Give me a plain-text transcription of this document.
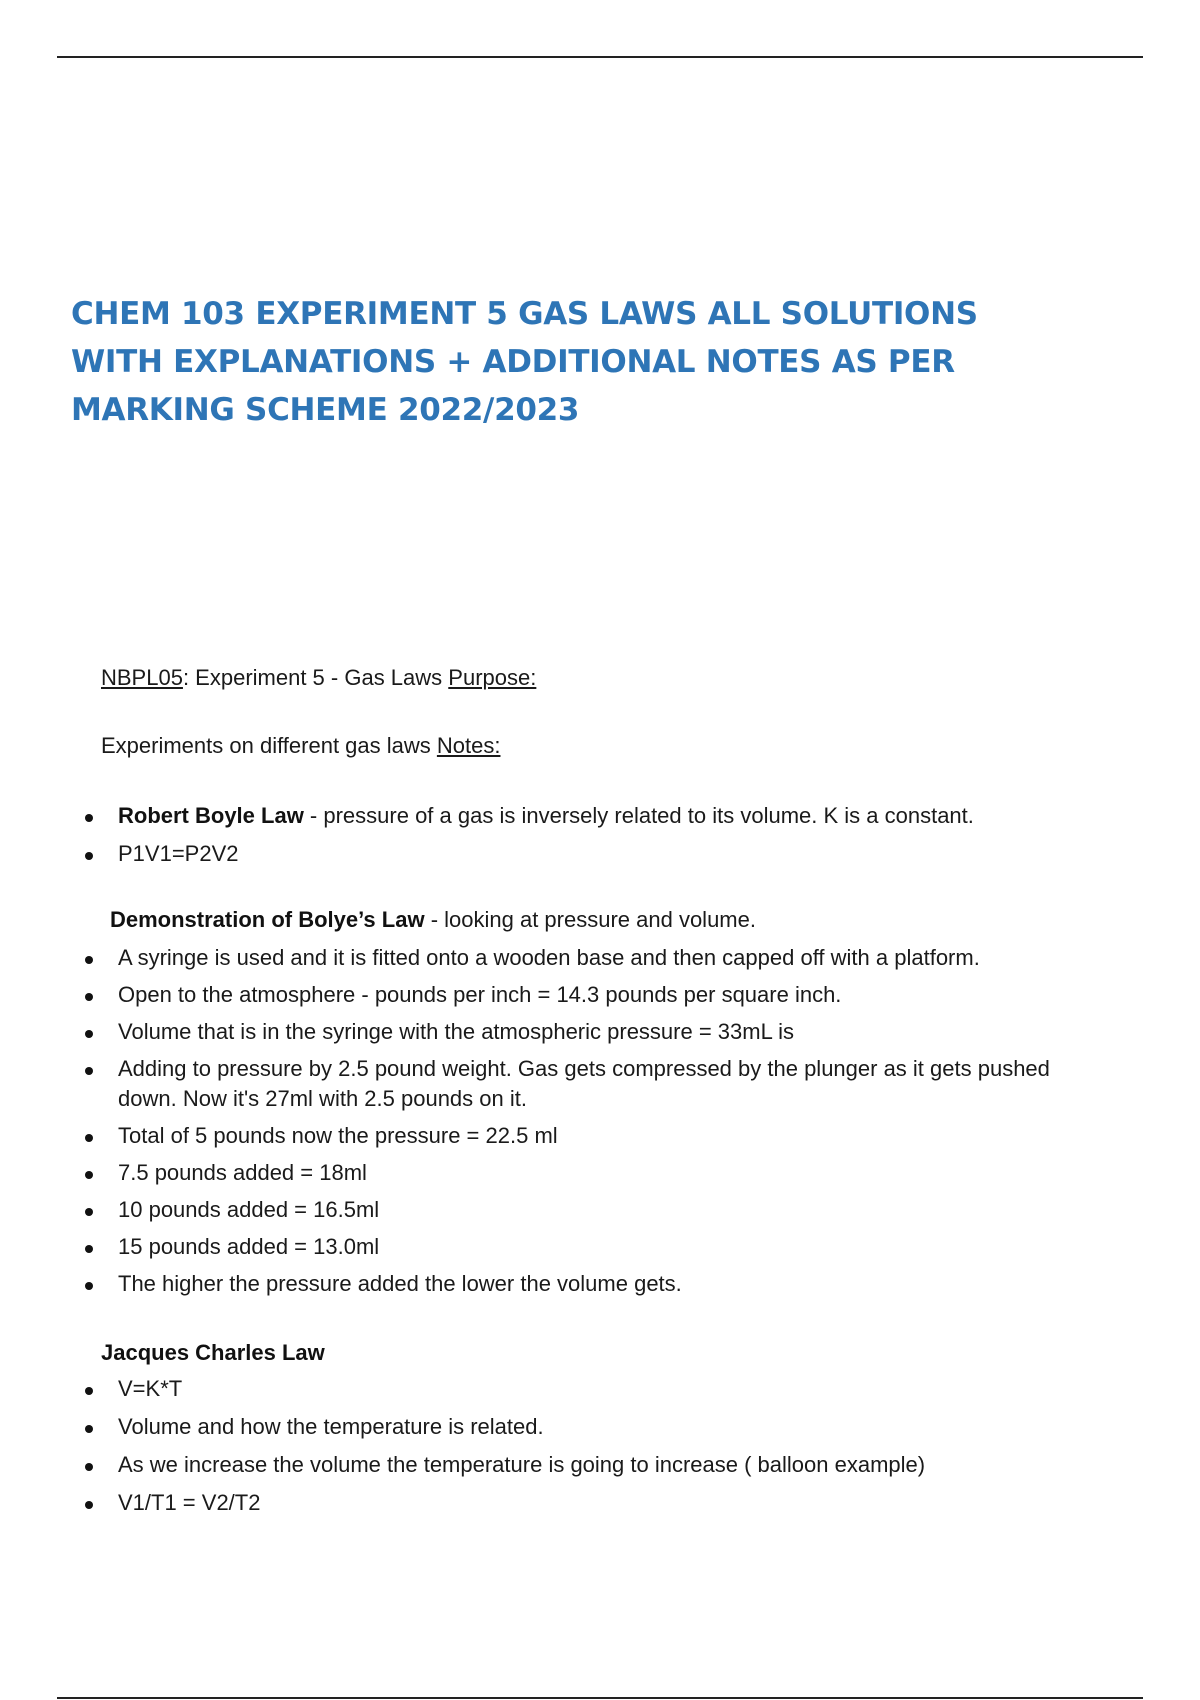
CHEM 103 EXPERIMENT 5 GAS LAWS ALL SOLUTIONS WITH EXPLANATIONS + ADDITIONAL NOTES AS PER MARKING SCHEME 2022/2023
NBPL05: Experiment 5 - Gas Laws Purpose:
Experiments on different gas laws Notes:
Robert Boyle Law - pressure of a gas is inversely related to its volume. K is a constant.
P1V1=P2V2
Demonstration of Bolye’s Law - looking at pressure and volume.
A syringe is used and it is fitted onto a wooden base and then capped off with a platform.
Open to the atmosphere - pounds per inch = 14.3 pounds per square inch.
Volume that is in the syringe with the atmospheric pressure = 33mL is
Adding to pressure by 2.5 pound weight. Gas gets compressed by the plunger as it gets pushed down. Now it's 27ml with 2.5 pounds on it.
Total of 5 pounds now the pressure = 22.5 ml
7.5 pounds added = 18ml
10 pounds added = 16.5ml
15 pounds added = 13.0ml
The higher the pressure added the lower the volume gets.
Jacques Charles Law
V=K*T
Volume and how the temperature is related.
As we increase the volume the temperature is going to increase ( balloon example)
V1/T1 = V2/T2
